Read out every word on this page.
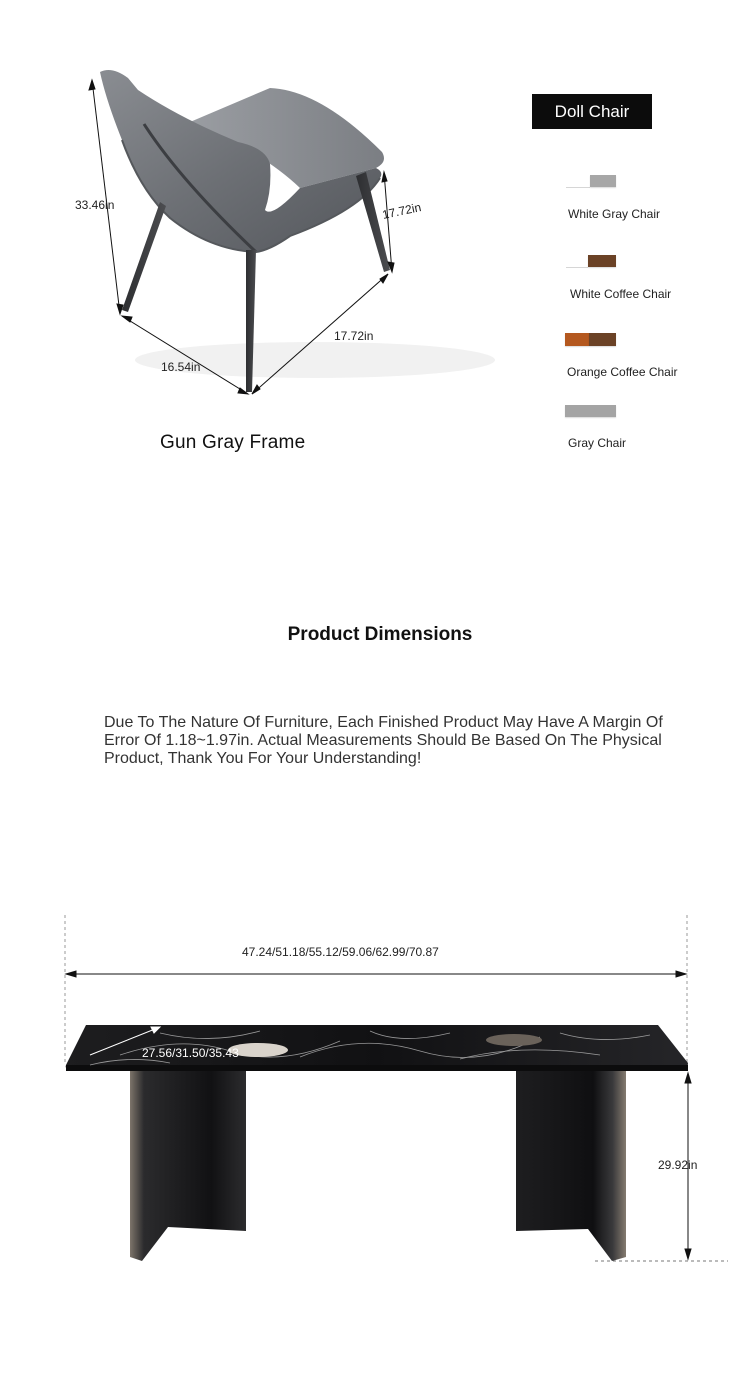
33.46in	17.72in
17.72in
16.54in
Gun Gray Frame
Doll Chair
White Gray Chair
White Coffee Chair
Orange Coffee Chair
Gray Chair
Product Dimensions
Due To The Nature Of Furniture, Each Finished Product May Have A Margin Of Error Of 1.18~1.97in. Actual Measurements Should Be Based On The Physical Product, Thank You For Your Understanding!
47.24/51.18/55.12/59.06/62.99/70.87
27.56/31.50/35.43
29.92in
